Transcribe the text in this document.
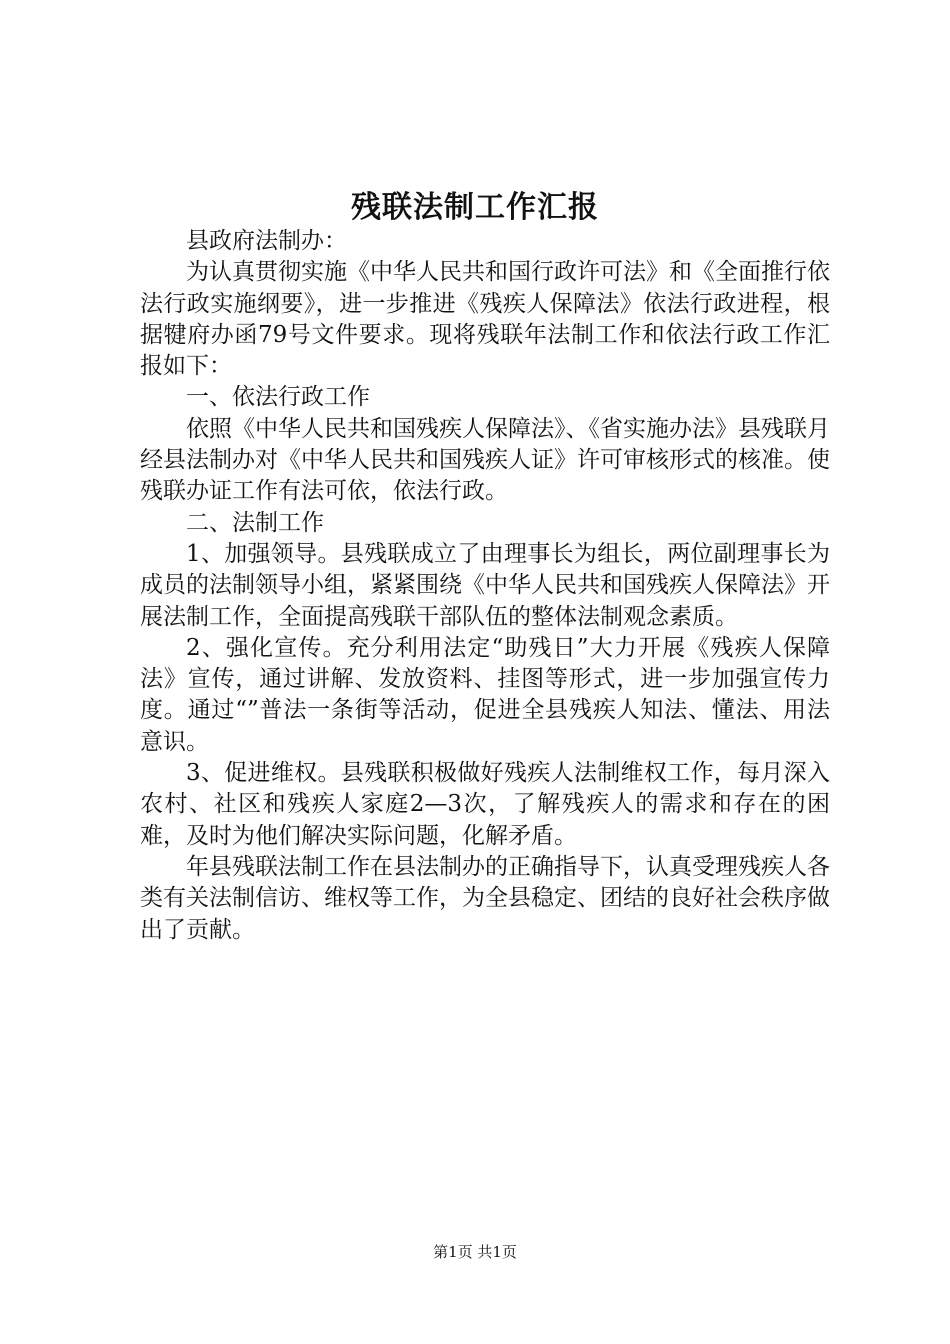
残联法制工作汇报

县政府法制办：

为认真贯彻实施《中华人民共和国行政许可法》和《全面推行依法行政实施纲要》，进一步推进《残疾人保障法》依法行政进程，根据犍府办函79号文件要求。现将残联年法制工作和依法行政工作汇报如下：

一、依法行政工作

依照《中华人民共和国残疾人保障法》、《省实施办法》县残联月经县法制办对《中华人民共和国残疾人证》许可审核形式的核准。使残联办证工作有法可依，依法行政。

二、法制工作

1、加强领导。县残联成立了由理事长为组长，两位副理事长为成员的法制领导小组，紧紧围绕《中华人民共和国残疾人保障法》开展法制工作，全面提高残联干部队伍的整体法制观念素质。

2、强化宣传。充分利用法定“助残日”大力开展《残疾人保障法》宣传，通过讲解、发放资料、挂图等形式，进一步加强宣传力度。通过“”普法一条街等活动，促进全县残疾人知法、懂法、用法意识。

3、促进维权。县残联积极做好残疾人法制维权工作，每月深入农村、社区和残疾人家庭2—3次，了解残疾人的需求和存在的困难，及时为他们解决实际问题，化解矛盾。

年县残联法制工作在县法制办的正确指导下，认真受理残疾人各类有关法制信访、维权等工作，为全县稳定、团结的良好社会秩序做出了贡献。

第1页 共1页
